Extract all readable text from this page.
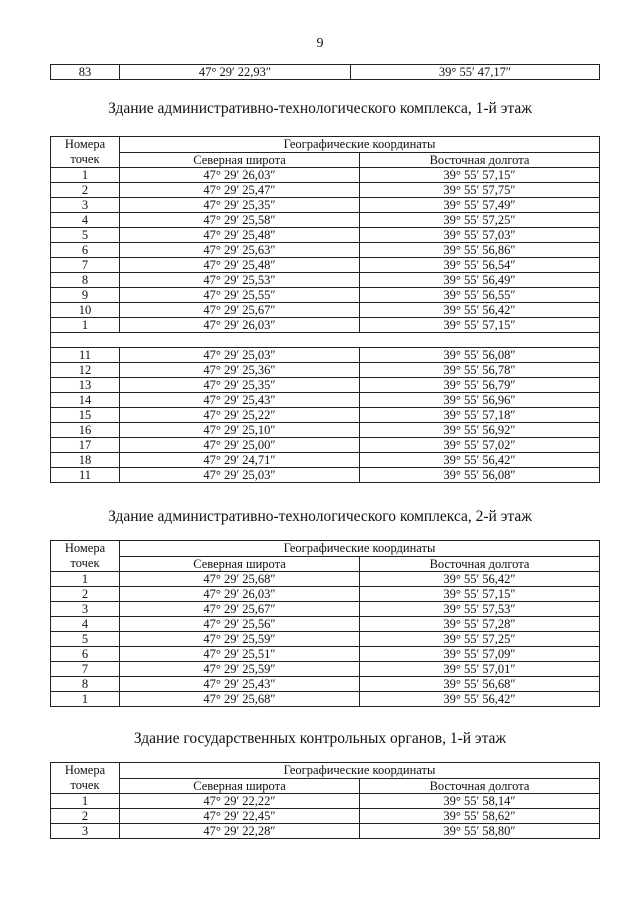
9
83	47° 29′ 22,93″	39° 55′ 47,17″
Здание административно-технологического комплекса, 1-й этаж
Номера
точек	Географические координаты	
	Северная широта	Восточная долгота
1	47° 29′ 26,03″	39° 55′ 57,15″
2	47° 29′ 25,47″	39° 55′ 57,75″
3	47° 29′ 25,35″	39° 55′ 57,49″
4	47° 29′ 25,58″	39° 55′ 57,25″
5	47° 29′ 25,48″	39° 55′ 57,03″
6	47° 29′ 25,63″	39° 55′ 56,86″
7	47° 29′ 25,48″	39° 55′ 56,54″
8	47° 29′ 25,53″	39° 55′ 56,49″
9	47° 29′ 25,55″	39° 55′ 56,55″
10	47° 29′ 25,67″	39° 55′ 56,42″
1	47° 29′ 26,03″	39° 55′ 57,15″

11	47° 29′ 25,03″	39° 55′ 56,08″
12	47° 29′ 25,36″	39° 55′ 56,78″
13	47° 29′ 25,35″	39° 55′ 56,79″
14	47° 29′ 25,43″	39° 55′ 56,96″
15	47° 29′ 25,22″	39° 55′ 57,18″
16	47° 29′ 25,10″	39° 55′ 56,92″
17	47° 29′ 25,00″	39° 55′ 57,02″
18	47° 29′ 24,71″	39° 55′ 56,42″
11	47° 29′ 25,03″	39° 55′ 56,08″
Здание административно-технологического комплекса, 2-й этаж
Номера
точек	Географические координаты	
	Северная широта	Восточная долгота
1	47° 29′ 25,68″	39° 55′ 56,42″
2	47° 29′ 26,03″	39° 55′ 57,15″
3	47° 29′ 25,67″	39° 55′ 57,53″
4	47° 29′ 25,56″	39° 55′ 57,28″
5	47° 29′ 25,59″	39° 55′ 57,25″
6	47° 29′ 25,51″	39° 55′ 57,09″
7	47° 29′ 25,59″	39° 55′ 57,01″
8	47° 29′ 25,43″	39° 55′ 56,68″
1	47° 29′ 25,68″	39° 55′ 56,42″
Здание государственных контрольных органов, 1-й этаж
Номера
точек	Географические координаты	
	Северная широта	Восточная долгота
1	47° 29′ 22,22″	39° 55′ 58,14″
2	47° 29′ 22,45″	39° 55′ 58,62″
3	47° 29′ 22,28″	39° 55′ 58,80″
